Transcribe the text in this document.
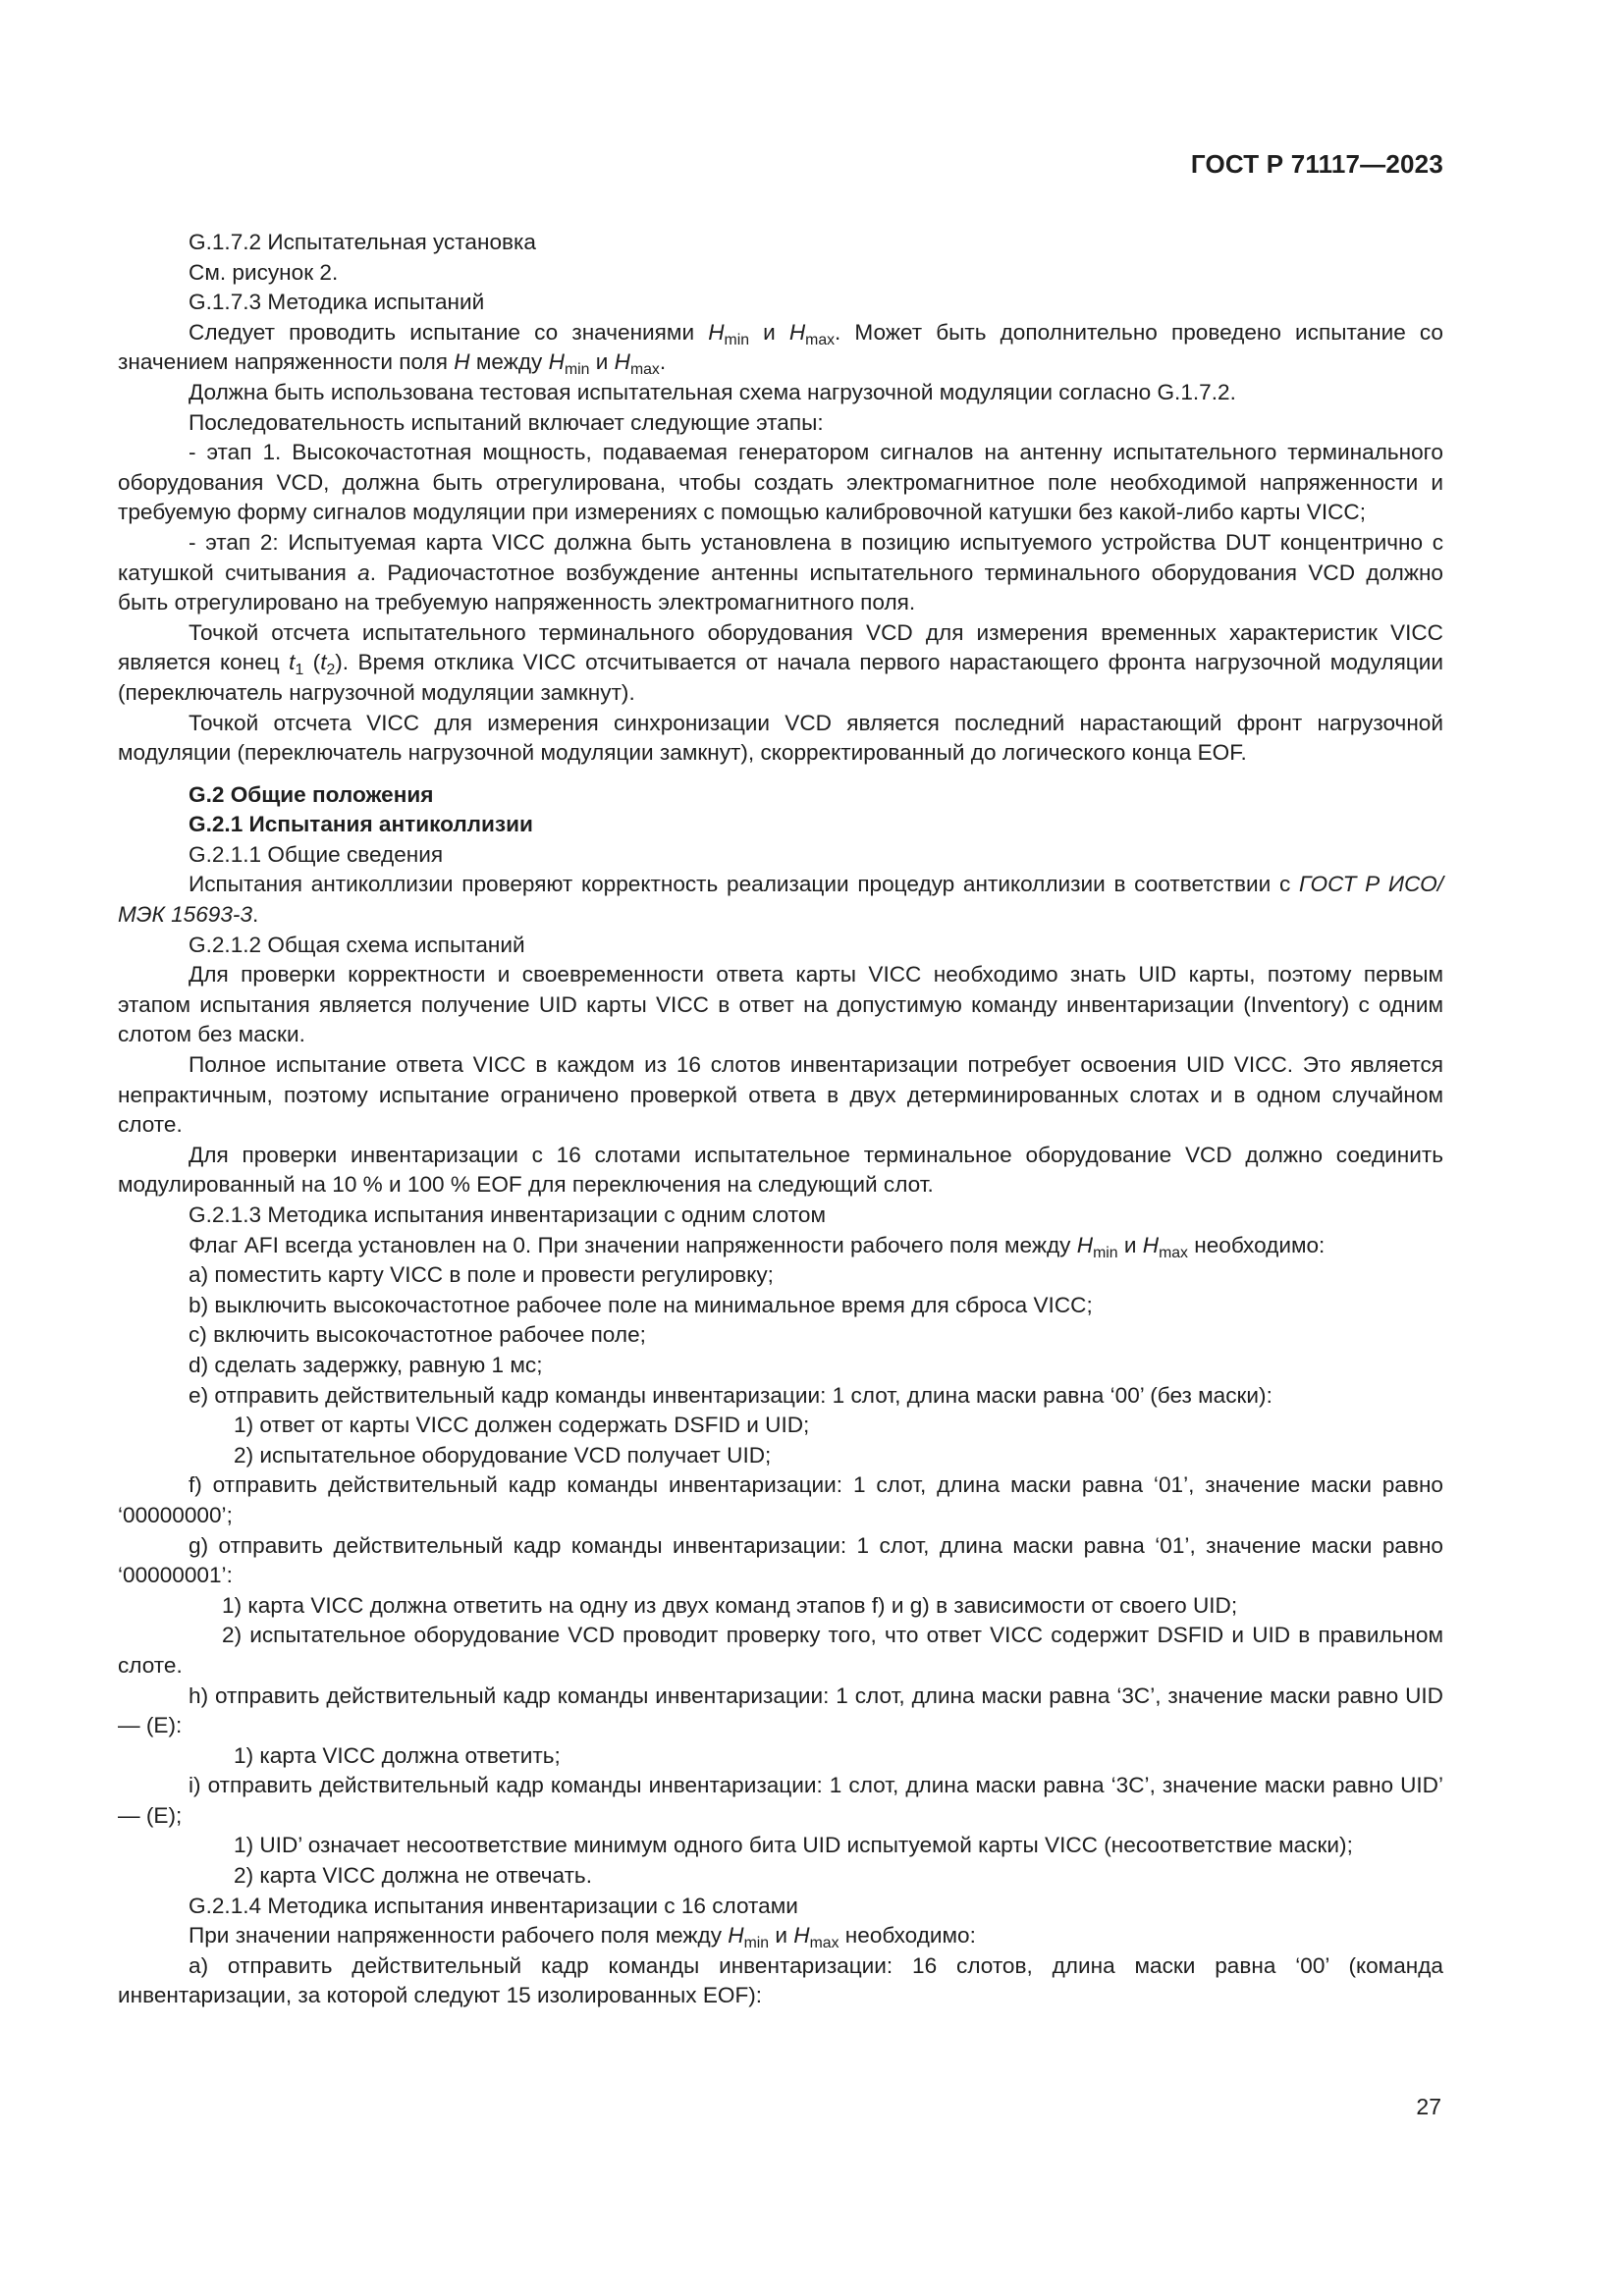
ГОСТ Р 71117—2023

G.1.7.2 Испытательная установка

См. рисунок 2.

G.1.7.3 Методика испытаний

Следует проводить испытание со значениями $H_{min}$ и $H_{max}$. Может быть дополнительно проведено испытание со значением напряженности поля H между $H_{min}$ и $H_{max}$.

Должна быть использована тестовая испытательная схема нагрузочной модуляции согласно G.1.7.2.

Последовательность испытаний включает следующие этапы:

- этап 1. Высокочастотная мощность, подаваемая генератором сигналов на антенну испытательного терминального оборудования VCD, должна быть отрегулирована, чтобы создать электромагнитное поле необходимой напряженности и требуемую форму сигналов модуляции при измерениях с помощью калибровочной катушки без какой-либо карты VICC;

- этап 2: Испытуемая карта VICC должна быть установлена в позицию испытуемого устройства DUT концентрично с катушкой считывания a. Радиочастотное возбуждение антенны испытательного терминального оборудования VCD должно быть отрегулировано на требуемую напряженность электромагнитного поля.

Точкой отсчета испытательного терминального оборудования VCD для измерения временных характеристик VICC является конец $t_1$ $(t_2)$. Время отклика VICC отсчитывается от начала первого нарастающего фронта нагрузочной модуляции (переключатель нагрузочной модуляции замкнут).

Точкой отсчета VICC для измерения синхронизации VCD является последний нарастающий фронт нагрузочной модуляции (переключатель нагрузочной модуляции замкнут), скорректированный до логического конца EOF.

G.2 Общие положения

G.2.1 Испытания антиколлизии

G.2.1.1 Общие сведения

Испытания антиколлизии проверяют корректность реализации процедур антиколлизии в соответствии с ГОСТ Р ИСО/МЭК 15693-3.

G.2.1.2 Общая схема испытаний

Для проверки корректности и своевременности ответа карты VICC необходимо знать UID карты, поэтому первым этапом испытания является получение UID карты VICC в ответ на допустимую команду инвентаризации (Inventory) с одним слотом без маски.

Полное испытание ответа VICC в каждом из 16 слотов инвентаризации потребует освоения UID VICC. Это является непрактичным, поэтому испытание ограничено проверкой ответа в двух детерминированных слотах и в одном случайном слоте.

Для проверки инвентаризации с 16 слотами испытательное терминальное оборудование VCD должно соединить модулированный на 10 % и 100 % EOF для переключения на следующий слот.

G.2.1.3 Методика испытания инвентаризации с одним слотом

Флаг AFI всегда установлен на 0. При значении напряженности рабочего поля между $H_{min}$ и $H_{max}$ необходимо:

a) поместить карту VICC в поле и провести регулировку;

b) выключить высокочастотное рабочее поле на минимальное время для сброса VICC;

c) включить высокочастотное рабочее поле;

d) сделать задержку, равную 1 мс;

e) отправить действительный кадр команды инвентаризации: 1 слот, длина маски равна ‘00’ (без маски):

1) ответ от карты VICC должен содержать DSFID и UID;

2) испытательное оборудование VCD получает UID;

f) отправить действительный кадр команды инвентаризации: 1 слот, длина маски равна ‘01’, значение маски равно ‘00000000’;

g) отправить действительный кадр команды инвентаризации: 1 слот, длина маски равна ‘01’, значение маски равно ‘00000001’:

1) карта VICC должна ответить на одну из двух команд этапов f) и g) в зависимости от своего UID;

2) испытательное оборудование VCD проводит проверку того, что ответ VICC содержит DSFID и UID в правильном слоте.

h) отправить действительный кадр команды инвентаризации: 1 слот, длина маски равна ‘3С’, значение маски равно UID — (E):

1) карта VICC должна ответить;

i) отправить действительный кадр команды инвентаризации: 1 слот, длина маски равна ‘3С’, значение маски равно UID’ — (E);

1) UID’ означает несоответствие минимум одного бита UID испытуемой карты VICC (несоответствие маски);

2) карта VICC должна не отвечать.

G.2.1.4 Методика испытания инвентаризации с 16 слотами

При значении напряженности рабочего поля между $H_{min}$ и $H_{max}$ необходимо:

a) отправить действительный кадр команды инвентаризации: 16 слотов, длина маски равна ‘00’ (команда инвентаризации, за которой следуют 15 изолированных EOF):

27
